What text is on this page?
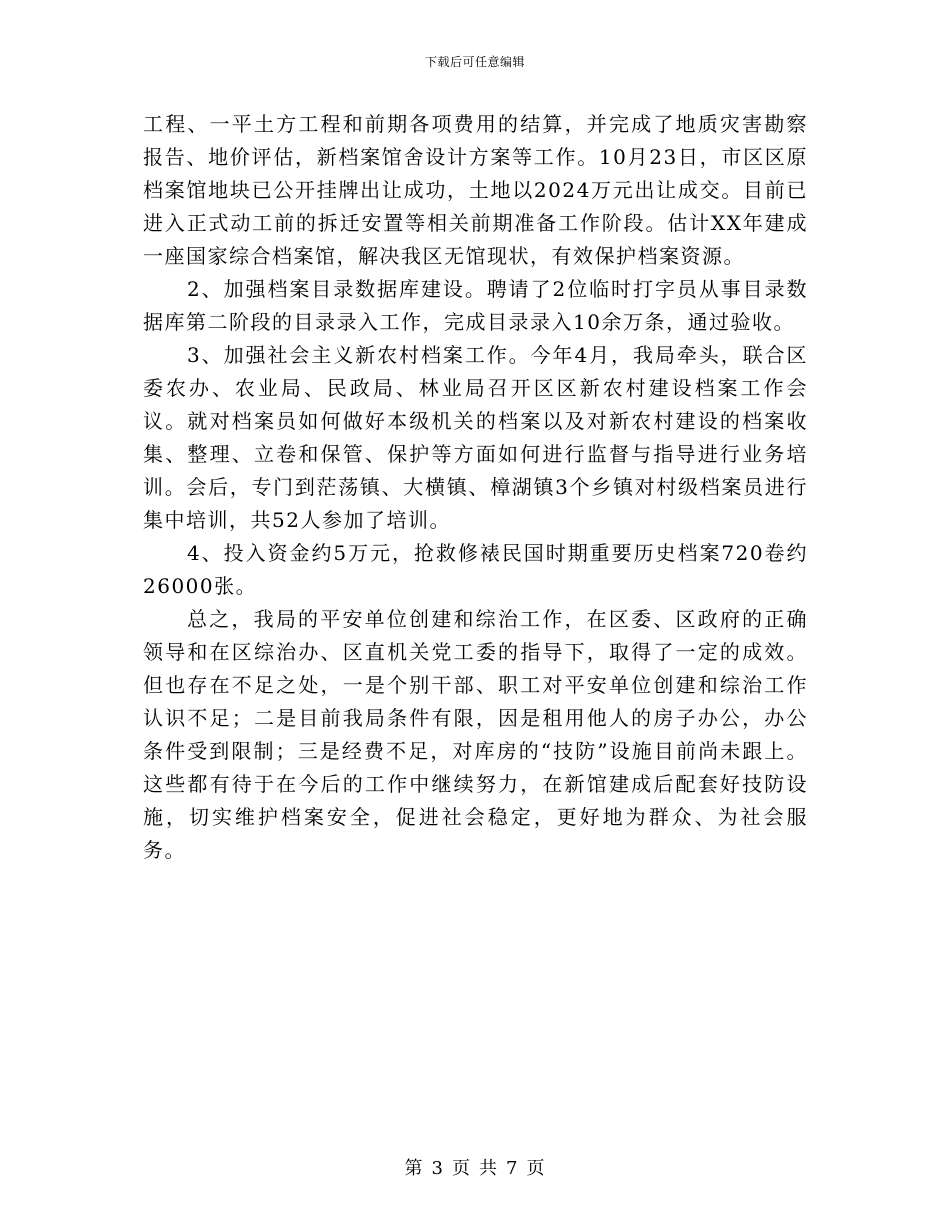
下载后可任意编辑

工程、一平土方工程和前期各项费用的结算，并完成了地质灾害勘察报告、地价评估，新档案馆舍设计方案等工作。10月23日，市区区原档案馆地块已公开挂牌出让成功，土地以2024万元出让成交。目前已进入正式动工前的拆迁安置等相关前期准备工作阶段。估计XX年建成一座国家综合档案馆，解决我区无馆现状，有效保护档案资源。

2、加强档案目录数据库建设。聘请了2位临时打字员从事目录数据库第二阶段的目录录入工作，完成目录录入10余万条，通过验收。

3、加强社会主义新农村档案工作。今年4月，我局牵头，联合区委农办、农业局、民政局、林业局召开区区新农村建设档案工作会议。就对档案员如何做好本级机关的档案以及对新农村建设的档案收集、整理、立卷和保管、保护等方面如何进行监督与指导进行业务培训。会后，专门到茫荡镇、大横镇、樟湖镇3个乡镇对村级档案员进行集中培训，共52人参加了培训。

4、投入资金约5万元，抢救修裱民国时期重要历史档案720卷约26000张。

总之，我局的平安单位创建和综治工作，在区委、区政府的正确领导和在区综治办、区直机关党工委的指导下，取得了一定的成效。但也存在不足之处，一是个别干部、职工对平安单位创建和综治工作认识不足；二是目前我局条件有限，因是租用他人的房子办公，办公条件受到限制；三是经费不足，对库房的“技防”设施目前尚未跟上。这些都有待于在今后的工作中继续努力，在新馆建成后配套好技防设施，切实维护档案安全，促进社会稳定，更好地为群众、为社会服务。

第 3 页 共 7 页
